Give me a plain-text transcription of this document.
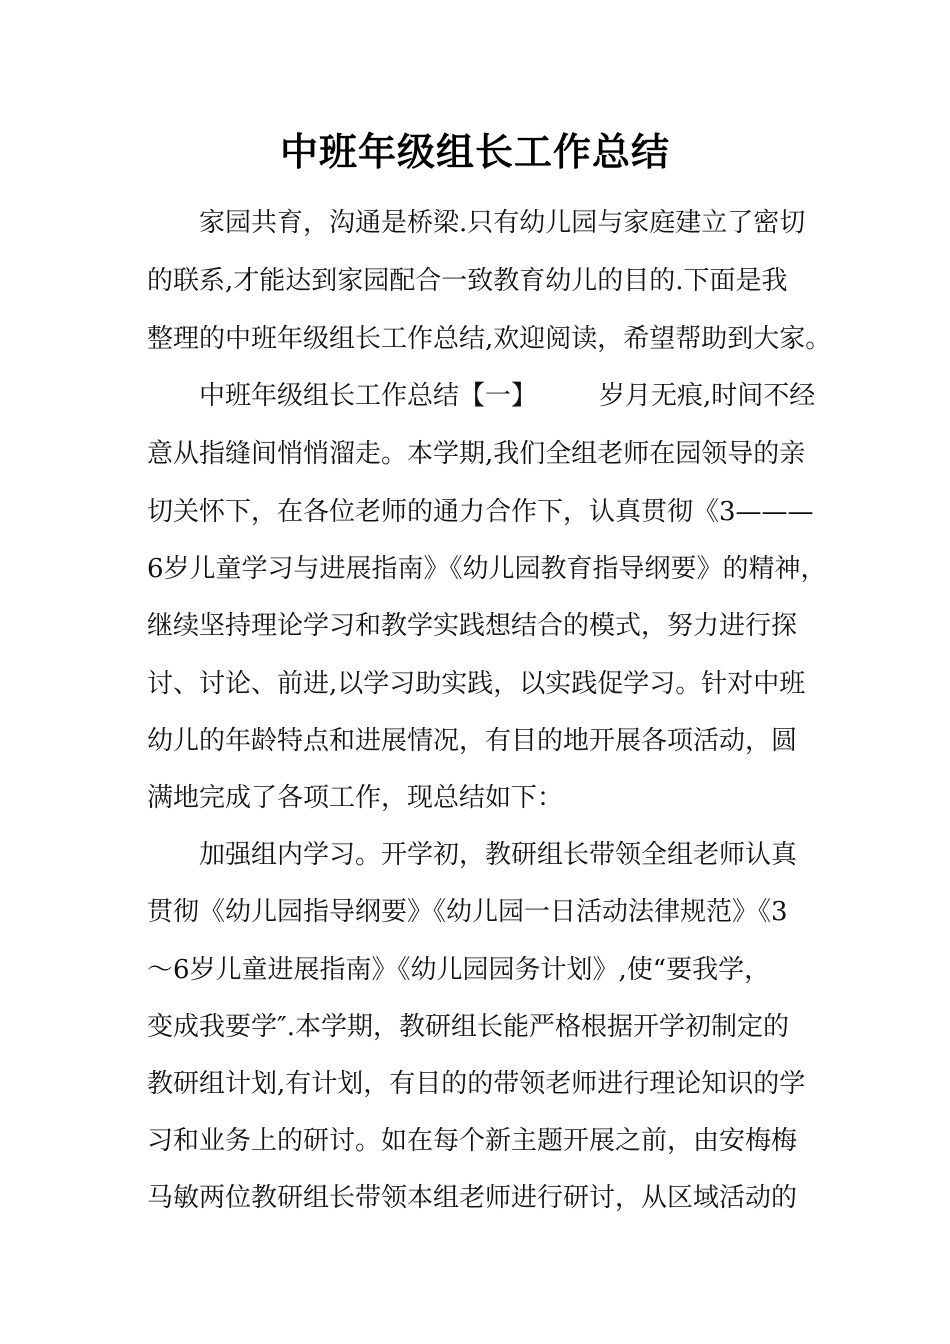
中班年级组长工作总结
家园共育，沟通是桥梁.只有幼儿园与家庭建立了密切
的联系,才能达到家园配合一致教育幼儿的目的.下面是我
整理的中班年级组长工作总结,欢迎阅读，希望帮助到大家。
中班年级组长工作总结【一】 岁月无痕,时间不经
意从指缝间悄悄溜走。本学期,我们全组老师在园领导的亲
切关怀下，在各位老师的通力合作下，认真贯彻《3———
6岁儿童学习与进展指南》《幼儿园教育指导纲要》的精神，
继续坚持理论学习和教学实践想结合的模式，努力进行探
讨、讨论、前进,以学习助实践，以实践促学习。针对中班
幼儿的年龄特点和进展情况，有目的地开展各项活动，圆
满地完成了各项工作，现总结如下：
加强组内学习。开学初，教研组长带领全组老师认真
贯彻《幼儿园指导纲要》《幼儿园一日活动法律规范》《3
～6岁儿童进展指南》《幼儿园园务计划》,使“要我学，
变成我要学″.本学期，教研组长能严格根据开学初制定的
教研组计划,有计划，有目的的带领老师进行理论知识的学
习和业务上的研讨。如在每个新主题开展之前，由安梅梅
马敏两位教研组长带领本组老师进行研讨，从区域活动的
